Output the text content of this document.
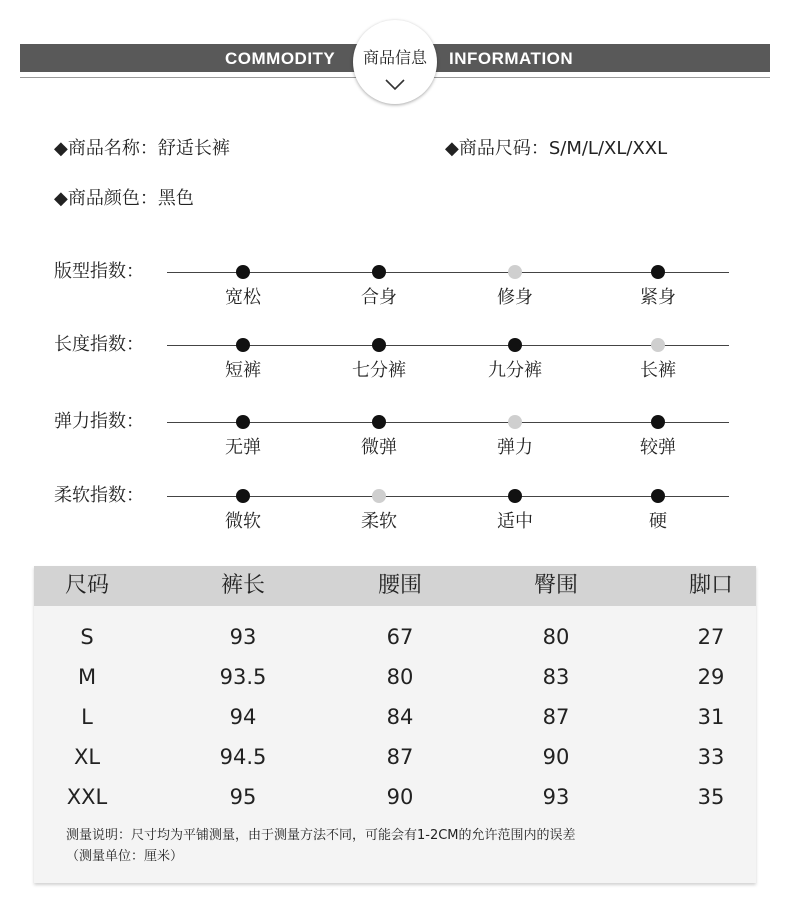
COMMODITY	INFORMATION
商品信息
◆商品名称：舒适长裤	◆商品尺码：S/M/L/XL/XXL
◆商品颜色：黑色
版型指数：
宽松	合身	修身	紧身
长度指数：
短裤	七分裤	九分裤	长裤
弹力指数：
无弹	微弹	弹力	较弹
柔软指数：
微软	柔软	适中	硬
尺码	裤长	腰围	臀围	脚口
S	93	67	80	27
M	93.5	80	83	29
L	94	84	87	31
XL	94.5	87	90	33
XXL	95	90	93	35
测量说明：尺寸均为平铺测量，由于测量方法不同，可能会有1-2CM的允许范围内的误差
（测量单位：厘米）
